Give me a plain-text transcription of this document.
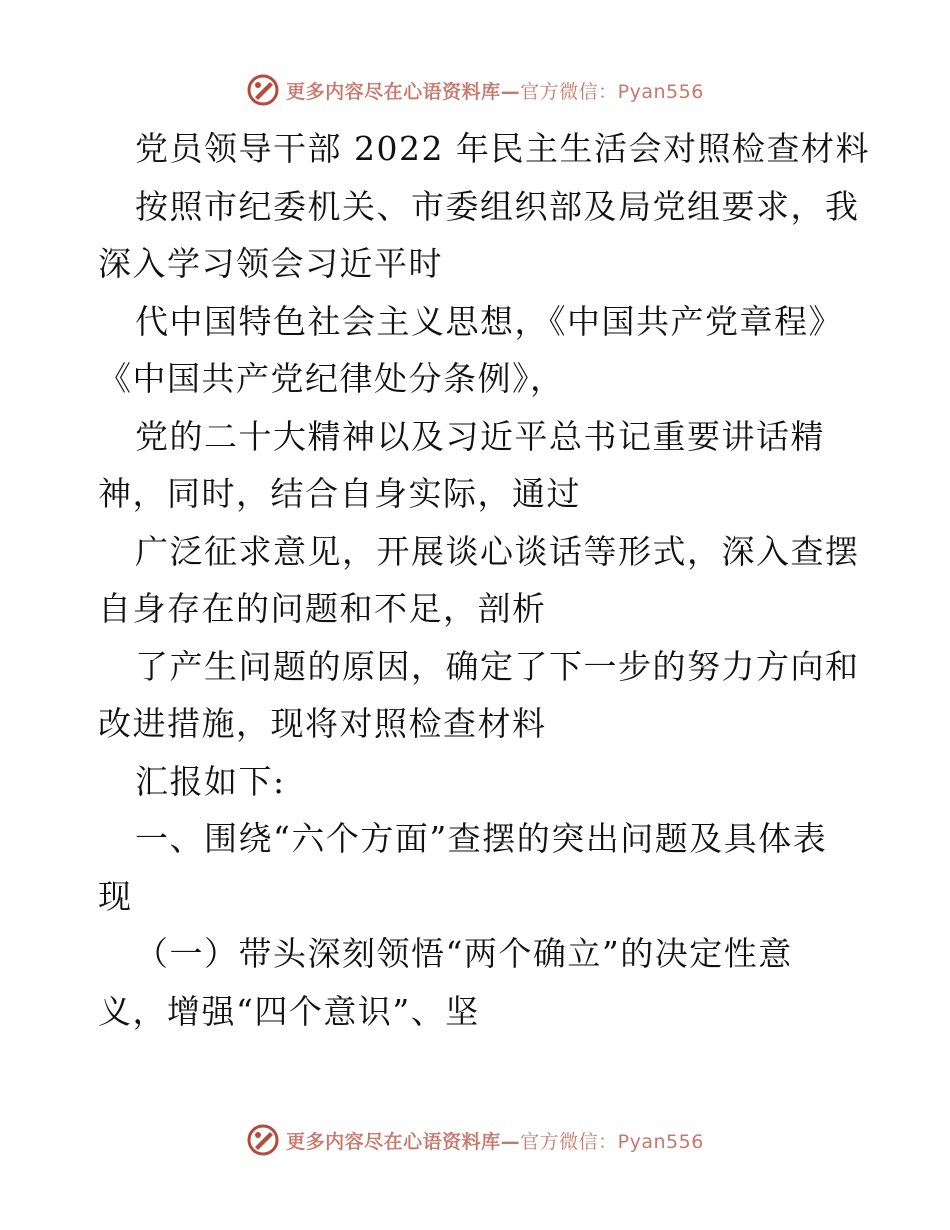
更多内容尽在心语资料库—官方微信：Pyan556
党员领导干部 2022 年民主生活会对照检查材料
按照市纪委机关、市委组织部及局党组要求，我
深入学习领会习近平时
代中国特色社会主义思想，《中国共产党章程》
《中国共产党纪律处分条例》，
党的二十大精神以及习近平总书记重要讲话精
神，同时，结合自身实际，通过
广泛征求意见，开展谈心谈话等形式，深入查摆
自身存在的问题和不足，剖析
了产生问题的原因，确定了下一步的努力方向和
改进措施，现将对照检查材料
汇报如下:
一、围绕“六个方面”查摆的突出问题及具体表
现
（一）带头深刻领悟“两个确立”的决定性意
义，增强“四个意识”、坚
更多内容尽在心语资料库—官方微信：Pyan556
